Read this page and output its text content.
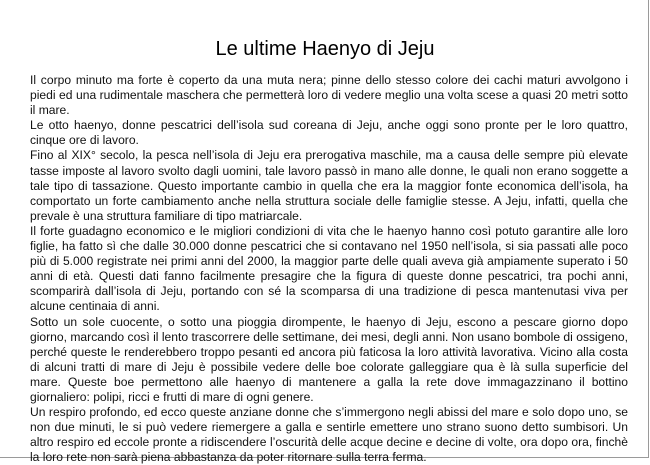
Le ultime Haenyo di Jeju

Il corpo minuto ma forte è coperto da una muta nera; pinne dello stesso colore dei cachi maturi avvolgono i piedi ed una rudimentale maschera che permetterà loro di vedere meglio una volta scese a quasi 20 metri sotto il mare.

Le otto haenyo, donne pescatrici dell’isola sud coreana di Jeju, anche oggi sono pronte per le loro quattro, cinque ore di lavoro.

Fino al XIX° secolo, la pesca nell’isola di Jeju era prerogativa maschile, ma a causa delle sempre più elevate tasse imposte al lavoro svolto dagli uomini, tale lavoro passò in mano alle donne, le quali non erano soggette a tale tipo di tassazione. Questo importante cambio in quella che era la maggior fonte economica dell’isola, ha comportato un forte cambiamento anche nella struttura sociale delle famiglie stesse. A Jeju, infatti, quella che prevale è una struttura familiare di tipo matriarcale.

Il forte guadagno economico e le migliori condizioni di vita che le haenyo hanno così potuto garantire alle loro figlie, ha fatto sì che dalle 30.000 donne pescatrici che si contavano nel 1950 nell’isola, si sia passati alle poco più di 5.000 registrate nei primi anni del 2000, la maggior parte delle quali aveva già ampiamente superato i 50 anni di età. Questi dati fanno facilmente presagire che la figura di queste donne pescatrici, tra pochi anni, scomparirà dall’isola di Jeju, portando con sé la scomparsa di una tradizione di pesca mantenutasi viva per alcune centinaia di anni.

Sotto un sole cuocente, o sotto una pioggia dirompente, le haenyo di Jeju, escono a pescare giorno dopo giorno, marcando così il lento trascorrere delle settimane, dei mesi, degli anni. Non usano bombole di ossigeno, perché queste le renderebbero troppo pesanti ed ancora più faticosa la loro attività lavorativa. Vicino alla costa di alcuni tratti di mare di Jeju è possibile vedere delle boe colorate galleggiare qua è là sulla superficie del mare. Queste boe permettono alle haenyo di mantenere a galla la rete dove immagazzinano il bottino giornaliero: polipi, ricci e frutti di mare di ogni genere.

Un respiro profondo, ed ecco queste anziane donne che s’immergono negli abissi del mare e solo dopo uno, se non due minuti, le si può vedere riemergere a galla e sentirle emettere uno strano suono detto sumbisori. Un altro respiro ed eccole pronte a ridiscendere l’oscurità delle acque decine e decine di volte, ora dopo ora, finchè la loro rete non sarà piena abbastanza da poter ritornare sulla terra ferma.
